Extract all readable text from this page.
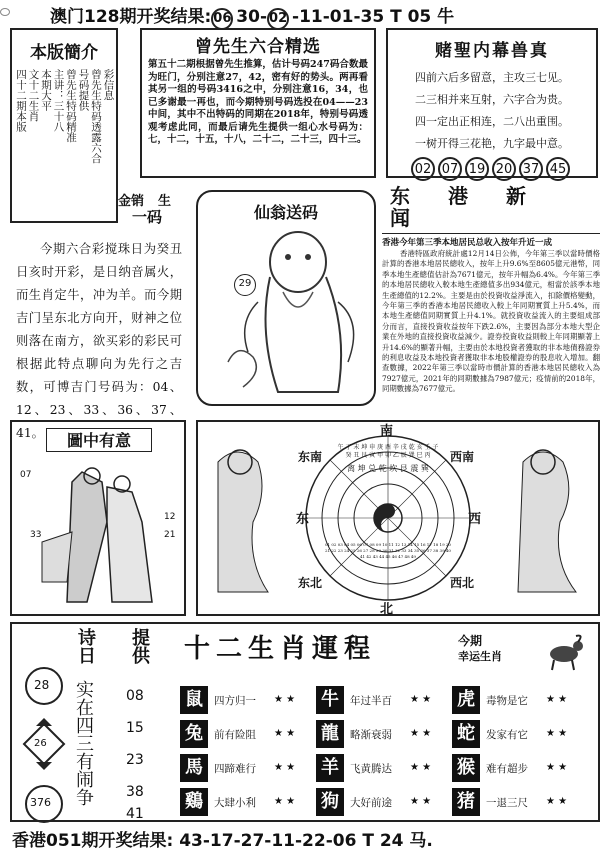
澳门128期开奖结果: 06 30- 02 -11-01-35 T 05 牛
本版簡介
彩信息
曾先生特码透露六合
号码提供
曾先生特码精准
主讲：三十八
本期大平
文十二生肖
四十二期本版
曾先生六合精选
第五十二期根据曾先生推算，估计号码247码合数最为旺门，分别注意27，42，密有好的势头。两再看其另一组的号码3416之中，分别注意16，34，也已多谢最一再也，而今期特别号码选投在04——23中间，其中不出特码的同期在2018年，特别号码透观考虑此同，而最后请先生提供一组心水号码为：七，十二，十五，十八，二十二，二十三，四十三。
赌聖内幕兽真
四前六后多留意，主攻三七见。
二三相并来互射，六字合为贵。
四一定出正相连，二八出重围。
一树开得三花艳，九字最中意。
02 07 19 20 37 45
金销 生
一码
今期六合彩搅珠日为癸丑日亥时开彩，是日纳音属火，而生肖定牛，冲为羊。而今期吉门呈东北方向开，财神之位则落在南方，欲买彩的彩民可根据此特点聊向为先行之吉数，可博吉门号码为：04、12、23、33、36、37、41。
仙翁送码
29
东港新闻
香港今年第三季本地居民总收入按年升近一成
香港特區政府統計處12月14日公佈，今年第三季以當時價格計算的香港本地居民總收入，按年上升9.6%至8605億元港幣，同季本地生產總值估計為7671億元，按年升幅為6.4%。今年第三季的本地居民總收入較本地生產總值多出934億元，相當於該季本地生產總值的12.2%。主要是由於投資收益淨流入，扣除價格變動，今年第三季的香港本地居民總收入較上年同期實質上升5.4%，而本地生產總值同期實質上升4.1%。就投資收益流入的主要組成部分而言，直接投資收益按年下跌2.6%，主要因為部分本地大型企業在外地的直接投資收益減少。證券投資收益則較上年同期顯著上升14.6%的顯著升幅，主要由於本地投資者獲取的非本地債務證券的利息收益及本地投資者獲取非本地股權證券的股息收入增加。翻查數據，2022年第三季以當時市價計算的香港本地居民總收入為7927億元，2021年的同期數據為7987億元；疫情前的2018年，同期數據為7677億元。
圖中有意
07
33
12
21
南
北
东	西
东南	西南
东北	西北
离 坤 兑 乾 坎 艮 震 巽
午 丁 未 坤 申 庚 酉 辛 戌 乾 亥 壬 子 癸 丑 艮 寅 甲 卯 乙 辰 巽 巳 丙
01 02 03 04 05 06 07 08 09 10 11 12 13 14 15 16 17 18 19 20 21 22 23 24 25 26 27 28 29 30 31 32 33 34 35 36 37 38 39 40 41 42 43 44 45 46 47 48 49
诗日
实在四三有闹争
28
26
376
提供
08
15
23
38
41
十二生肖運程	今期
幸运生肖
鼠	四方归一 ★ ★ 牛	年过半百 ★ ★ 虎	毒物是它 ★ ★
兔	前有险阻 ★ ★ 龍	略渐衰弱 ★ ★ 蛇	发家有它 ★ ★
馬	四蹄难行 ★ ★ 羊	飞黄腾达 ★ ★ 猴	难有超步 ★ ★
鷄	大肆小利 ★ ★ 狗	大好前途 ★ ★ 猪	一退三尺 ★ ★
香港051期开奖结果: 43-17-27-11-22-06 T 24 马.
